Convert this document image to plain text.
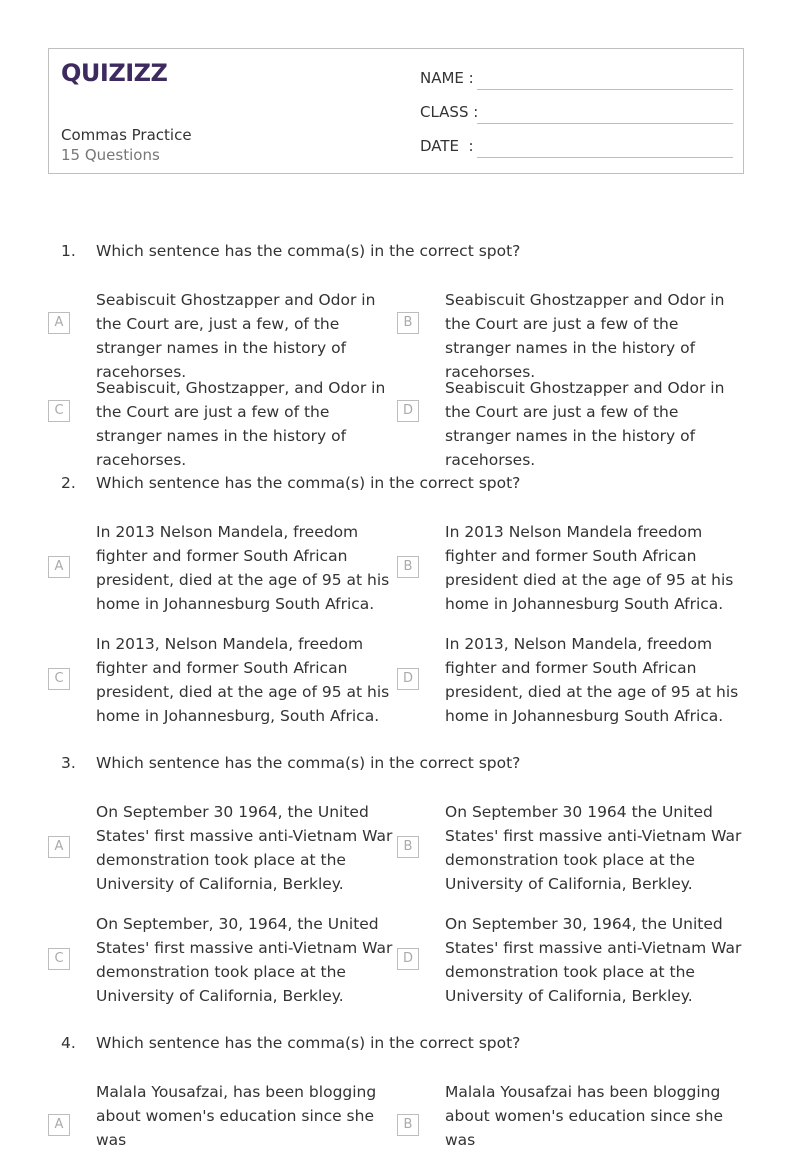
QUIZIZZ
Commas Practice
15 Questions
NAME :
CLASS :
DATE  :
1. Which sentence has the comma(s) in the correct spot?
A
Seabiscuit Ghostzapper and Odor in the Court are, just a few, of the stranger names in the history of racehorses.
B
Seabiscuit Ghostzapper and Odor in the Court are just a few of the stranger names in the history of racehorses.
C
Seabiscuit, Ghostzapper, and Odor in the Court are just a few of the stranger names in the history of racehorses.
D
Seabiscuit Ghostzapper and Odor in the Court are just a few of the stranger names in the history of racehorses.
2. Which sentence has the comma(s) in the correct spot?
A
In 2013 Nelson Mandela, freedom fighter and former South African president, died at the age of 95 at his home in Johannesburg South Africa.
B
In 2013 Nelson Mandela freedom fighter and former South African president died at the age of 95 at his home in Johannesburg South Africa.
C
In 2013, Nelson Mandela, freedom fighter and former South African president, died at the age of 95 at his home in Johannesburg, South Africa.
D
In 2013, Nelson Mandela, freedom fighter and former South African president, died at the age of 95 at his home in Johannesburg South Africa.
3. Which sentence has the comma(s) in the correct spot?
A
On September 30 1964, the United States' first massive anti-Vietnam War demonstration took place at the University of California, Berkley.
B
On September 30 1964 the United States' first massive anti-Vietnam War demonstration took place at the University of California, Berkley.
C
On September, 30, 1964, the United States' first massive anti-Vietnam War demonstration took place at the University of California, Berkley.
D
On September 30, 1964, the United States' first massive anti-Vietnam War demonstration took place at the University of California, Berkley.
4. Which sentence has the comma(s) in the correct spot?
A
Malala Yousafzai, has been blogging about women's education since she was
B
Malala Yousafzai has been blogging about women's education since she was
